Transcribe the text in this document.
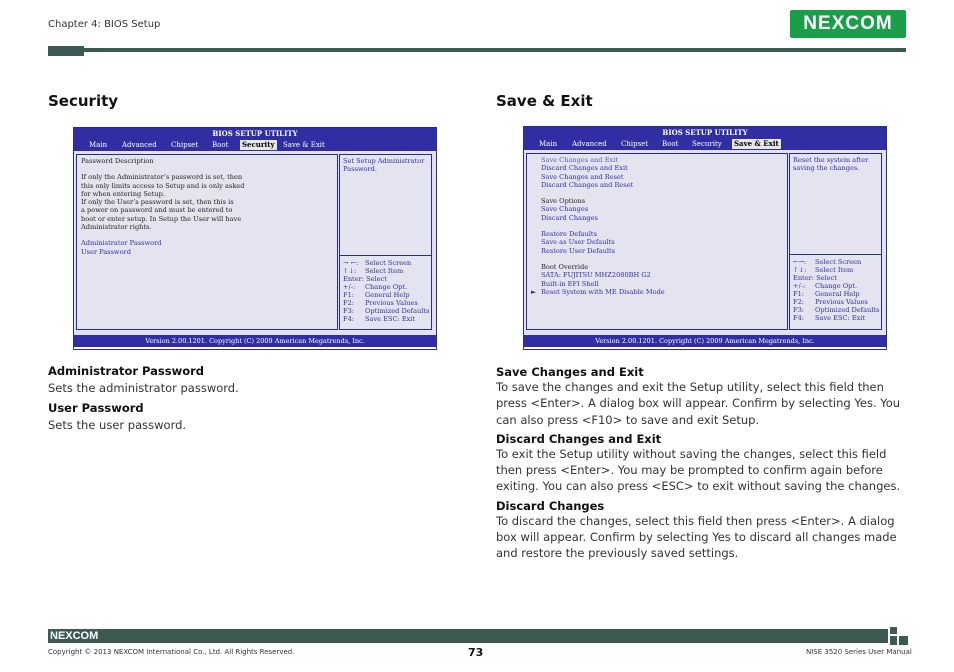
Chapter 4: BIOS Setup	NEXCOM
Security
BIOS SETUP UTILITY
Main Advanced Chipset Boot Security Save & Exit
Password Description
If only the Administrator’s password is set, then
this only limits access to Setup and is only asked
for when entering Setup.
If only the User’s password is set, then this is
a power on password and must be entered to
boot or enter setup. In Setup the User will have
Administrator rights.
Administrator Password
User Password
Set Setup Administrator
Password.
→ ←: Select Screen
↑↓: Select Item
Enter: Select
+/-: Change Opt.
F1: General Help
F2: Previous Values
F3: Optimized Defaults
F4: Save ESC: Exit
Version 2.00.1201. Copyright (C) 2009 American Megatrends, Inc.
Administrator Password
Sets the administrator password.
User Password
Sets the user password.
Save & Exit
BIOS SETUP UTILITY
Main Advanced Chipset Boot Security Save & Exit
Save Changes and Exit
Discard Changes and Exit
Save Changes and Reset
Discard Changes and Reset
Save Options
Save Changes
Discard Changes
Restore Defaults
Save as User Defaults
Restore User Defaults
Boot Override
SATA: FUJITSU MHZ2080BH G2
Built-in EFI Shell
► Reset System with ME Disable Mode
Reset the system after
saving the changes.
←→: Select Screen
↑↓: Select Item
Enter: Select
+/-: Change Opt.
F1: General Help
F2: Previous Values
F3: Optimized Defaults
F4: Save ESC: Exit
Version 2.00.1201. Copyright (C) 2009 American Megatrends, Inc.
Save Changes and Exit
To save the changes and exit the Setup utility, select this field then press <Enter>. A dialog box will appear. Confirm by selecting Yes. You can also press <F10> to save and exit Setup.
Discard Changes and Exit
To exit the Setup utility without saving the changes, select this field then press <Enter>. You may be prompted to confirm again before exiting. You can also press <ESC> to exit without saving the changes.
Discard Changes
To discard the changes, select this field then press <Enter>. A dialog box will appear. Confirm by selecting Yes to discard all changes made and restore the previously saved settings.
NEXCOM
Copyright © 2013 NEXCOM International Co., Ltd. All Rights Reserved.	73	NISE 3520 Series User Manual
